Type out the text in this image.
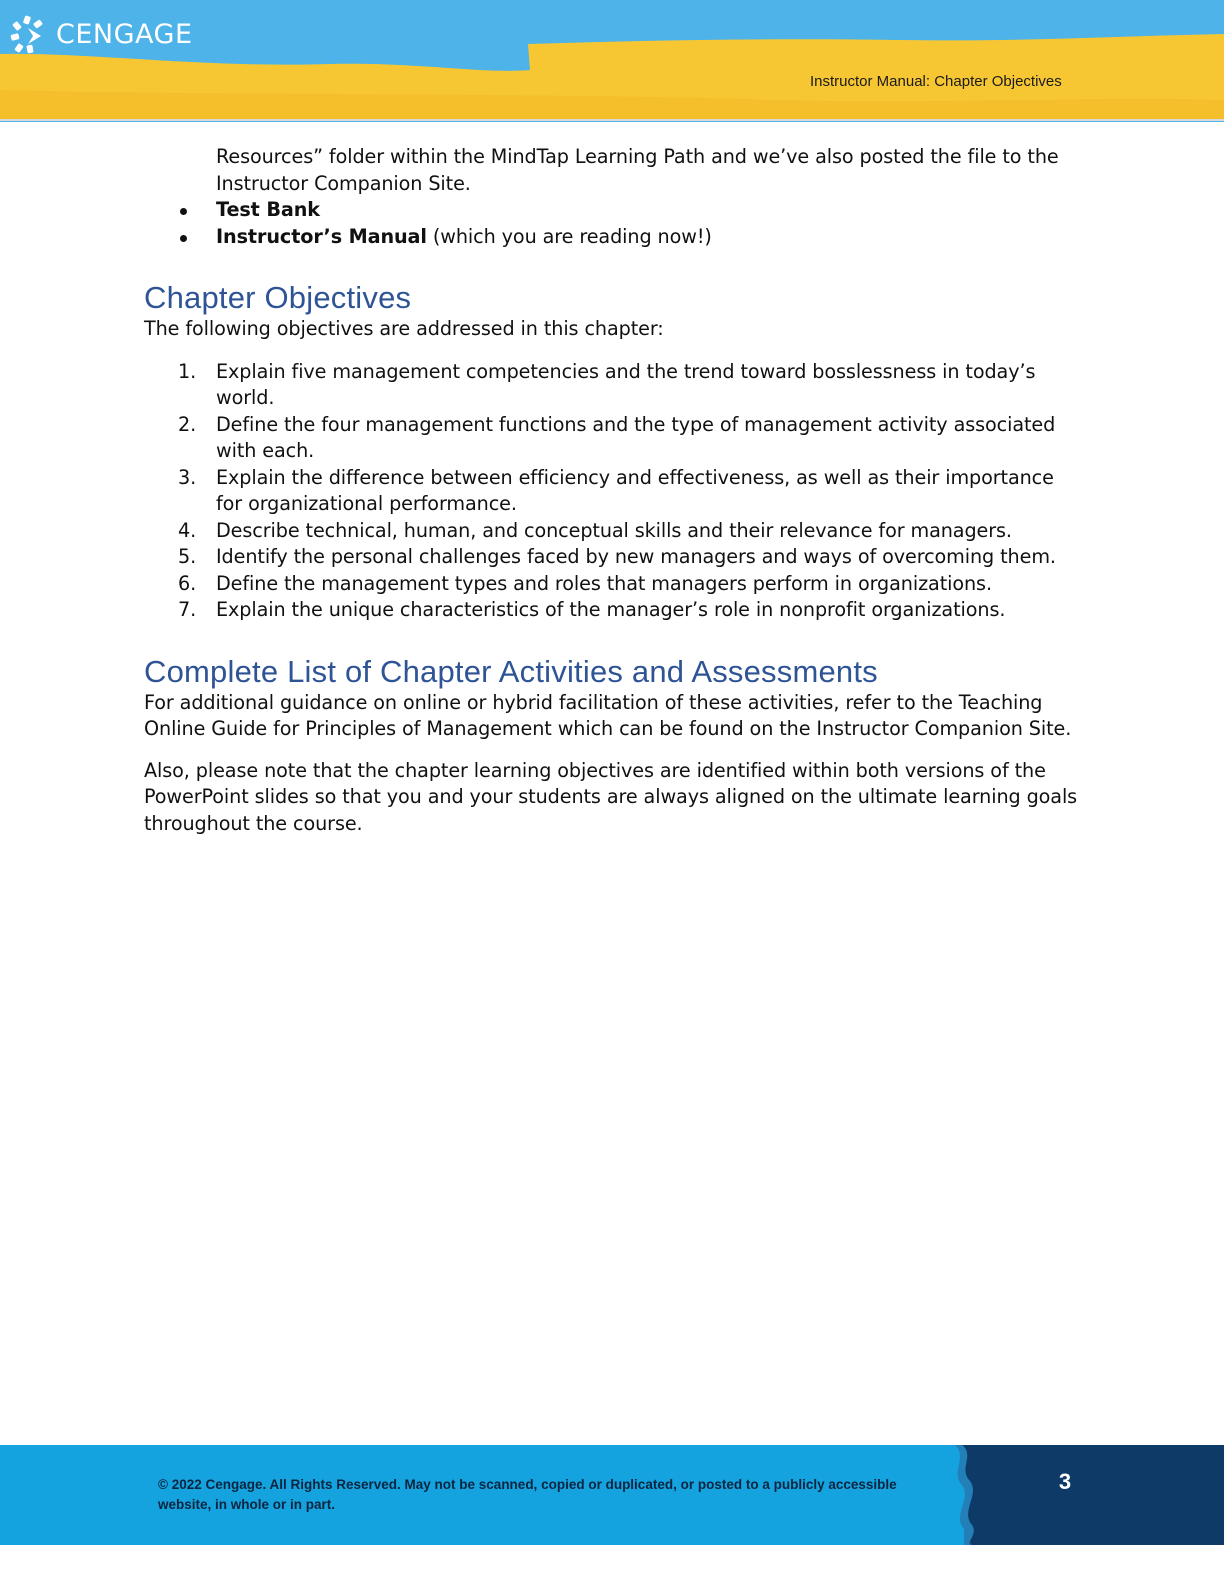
CENGAGE
Instructor Manual: Chapter Objectives

Resources” folder within the MindTap Learning Path and we’ve also posted the file to the Instructor Companion Site.

Test Bank
Instructor’s Manual (which you are reading now!)
Chapter Objectives

The following objectives are addressed in this chapter:

1. Explain five management competencies and the trend toward bosslessness in today’s world.
2. Define the four management functions and the type of management activity associated with each.
3. Explain the difference between efficiency and effectiveness, as well as their importance for organizational performance.
4. Describe technical, human, and conceptual skills and their relevance for managers.
5. Identify the personal challenges faced by new managers and ways of overcoming them.
6. Define the management types and roles that managers perform in organizations.
7. Explain the unique characteristics of the manager’s role in nonprofit organizations.
Complete List of Chapter Activities and Assessments

For additional guidance on online or hybrid facilitation of these activities, refer to the Teaching Online Guide for Principles of Management which can be found on the Instructor Companion Site.

Also, please note that the chapter learning objectives are identified within both versions of the PowerPoint slides so that you and your students are always aligned on the ultimate learning goals throughout the course.

© 2022 Cengage. All Rights Reserved. May not be scanned, copied or duplicated, or posted to a publicly accessible website, in whole or in part.
3
